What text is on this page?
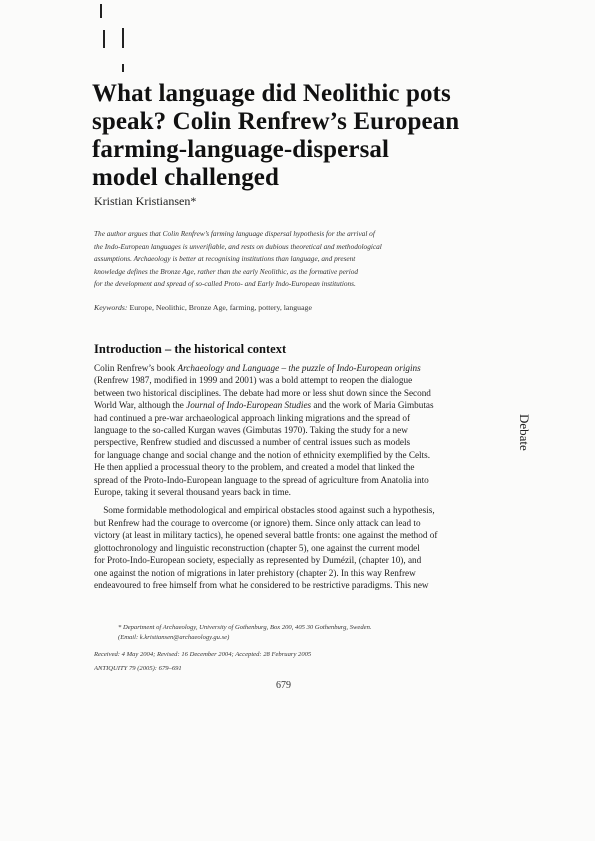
What language did Neolithic pots
speak? Colin Renfrew’s European
farming-language-dispersal
model challenged
Kristian Kristiansen*
The author argues that Colin Renfrew’s farming language dispersal hypothesis for the arrival of
the Indo-European languages is unverifiable, and rests on dubious theoretical and methodological
assumptions. Archaeology is better at recognising institutions than language, and present
knowledge defines the Bronze Age, rather than the early Neolithic, as the formative period
for the development and spread of so-called Proto- and Early Indo-European institutions.
Keywords: Europe, Neolithic, Bronze Age, farming, pottery, language
Introduction – the historical context
Colin Renfrew’s book Archaeology and Language – the puzzle of Indo-European origins
(Renfrew 1987, modified in 1999 and 2001) was a bold attempt to reopen the dialogue
between two historical disciplines. The debate had more or less shut down since the Second
World War, although the Journal of Indo-European Studies and the work of Maria Gimbutas
had continued a pre-war archaeological approach linking migrations and the spread of
language to the so-called Kurgan waves (Gimbutas 1970). Taking the study for a new
perspective, Renfrew studied and discussed a number of central issues such as models
for language change and social change and the notion of ethnicity exemplified by the Celts.
He then applied a processual theory to the problem, and created a model that linked the
spread of the Proto-Indo-European language to the spread of agriculture from Anatolia into
Europe, taking it several thousand years back in time.
 Some formidable methodological and empirical obstacles stood against such a hypothesis,
but Renfrew had the courage to overcome (or ignore) them. Since only attack can lead to
victory (at least in military tactics), he opened several battle fronts: one against the method of
glottochronology and linguistic reconstruction (chapter 5), one against the current model
for Proto-Indo-European society, especially as represented by Dumézil, (chapter 10), and
one against the notion of migrations in later prehistory (chapter 2). In this way Renfrew
endeavoured to free himself from what he considered to be restrictive paradigms. This new
Debate
* Department of Archaeology, University of Gothenburg, Box 200, 405 30 Gothenburg, Sweden.
(Email: k.kristiansen@archaeology.gu.se)
Received: 4 May 2004; Revised: 16 December 2004; Accepted: 28 February 2005
ANTIQUITY 79 (2005): 679–691
679
